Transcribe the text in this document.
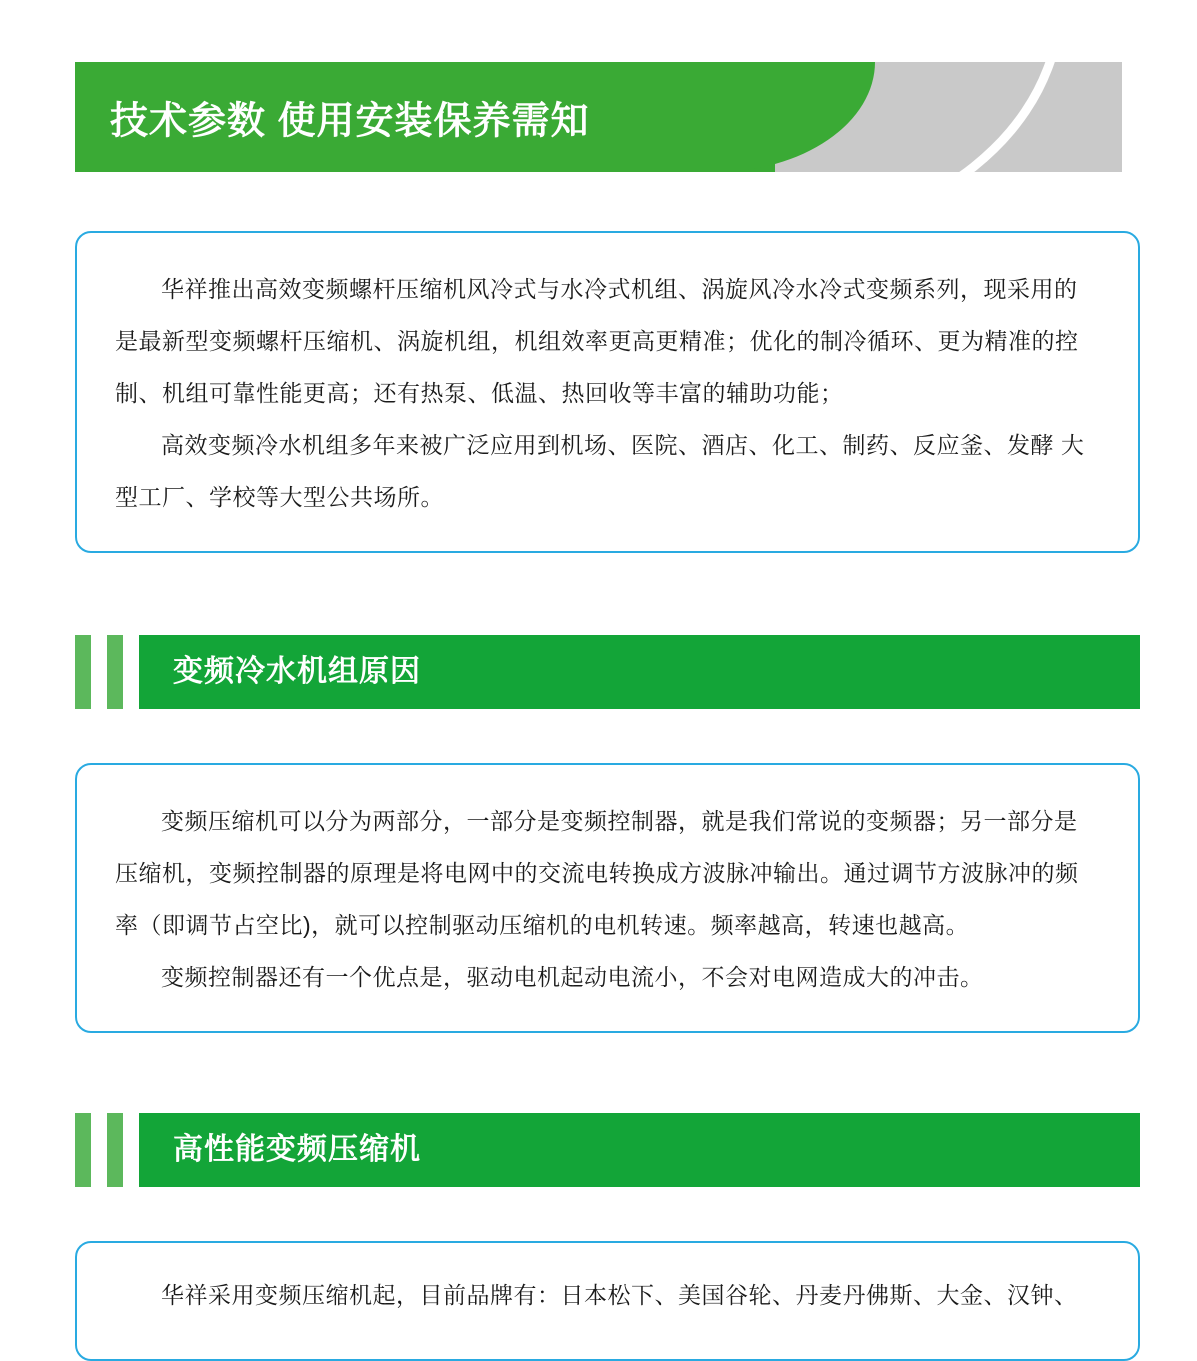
技术参数 使用安装保养需知

华祥推出高效变频螺杆压缩机风冷式与水冷式机组、涡旋风冷水冷式变频系列，现采用的是最新型变频螺杆压缩机、涡旋机组，机组效率更高更精准；优化的制冷循环、更为精准的控制、机组可靠性能更高；还有热泵、低温、热回收等丰富的辅助功能；

高效变频冷水机组多年来被广泛应用到机场、医院、酒店、化工、制药、反应釜、发酵 大型工厂、学校等大型公共场所。

变频冷水机组原因

变频压缩机可以分为两部分，一部分是变频控制器，就是我们常说的变频器；另一部分是压缩机，变频控制器的原理是将电网中的交流电转换成方波脉冲输出。通过调节方波脉冲的频率（即调节占空比)，就可以控制驱动压缩机的电机转速。频率越高，转速也越高。

变频控制器还有一个优点是，驱动电机起动电流小，不会对电网造成大的冲击。

高性能变频压缩机

华祥采用变频压缩机起，目前品牌有：日本松下、美国谷轮、丹麦丹佛斯、大金、汉钟、
